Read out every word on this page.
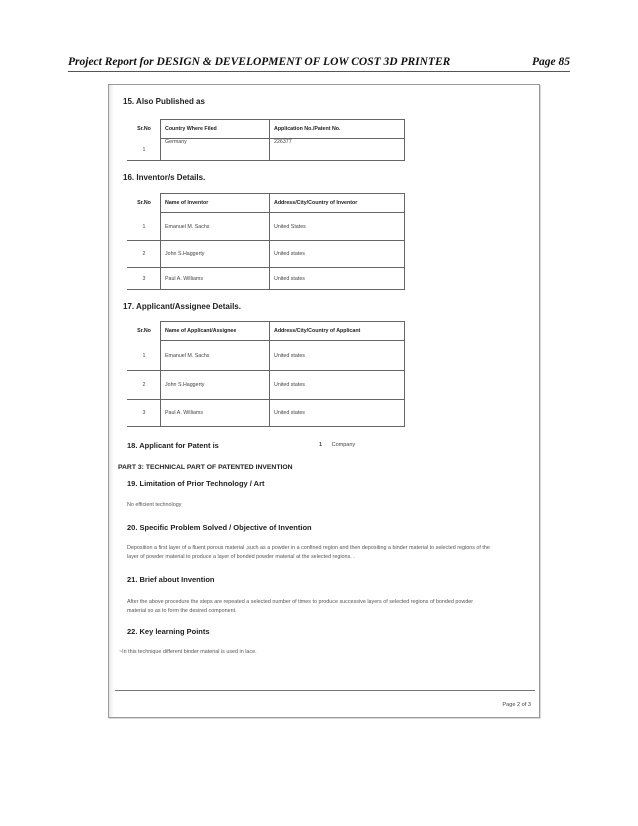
Project Report for DESIGN & DEVELOPMENT OF LOW COST 3D PRINTER	Page 85
15. Also Published as
Sr.No	Country Where Filed	Application No./Patent No.
1	Germany	226377
16. Inventor/s Details.
Sr.No	Name of Inventor	Address/City/Country of Inventor
1	Emanuel M. Sachs	United States
2	John S.Haggerty	United states
3	Paul A. Williams	United states
17. Applicant/Assignee Details.
Sr.No	Name of Applicant/Assignee	Address/City/Country of Applicant
1	Emanuel M. Sachs	United states
2	John S.Haggerty	United states
3	Paul A. Williams	United states
18. Applicant for Patent is	1 Company
PART 3: TECHNICAL PART OF PATENTED INVENTION
19. Limitation of Prior Technology / Art
No efficient technology
20. Specific Problem Solved / Objective of Invention
Deposition a first layer of a fluent porous material ,such as a powder in a confined region and then depositing a binder material to selected regions of the
layer of powder material to produce a layer of bonded powder material at the selected regions. .
21. Brief about Invention
After the above procedure the steps are repeated a selected number of times to produce successive layers of selected regions of bonded powder
material so as to form the desired component.
22. Key learning Points
~In this technique different binder material is used in lace.
Page 2 of 3
